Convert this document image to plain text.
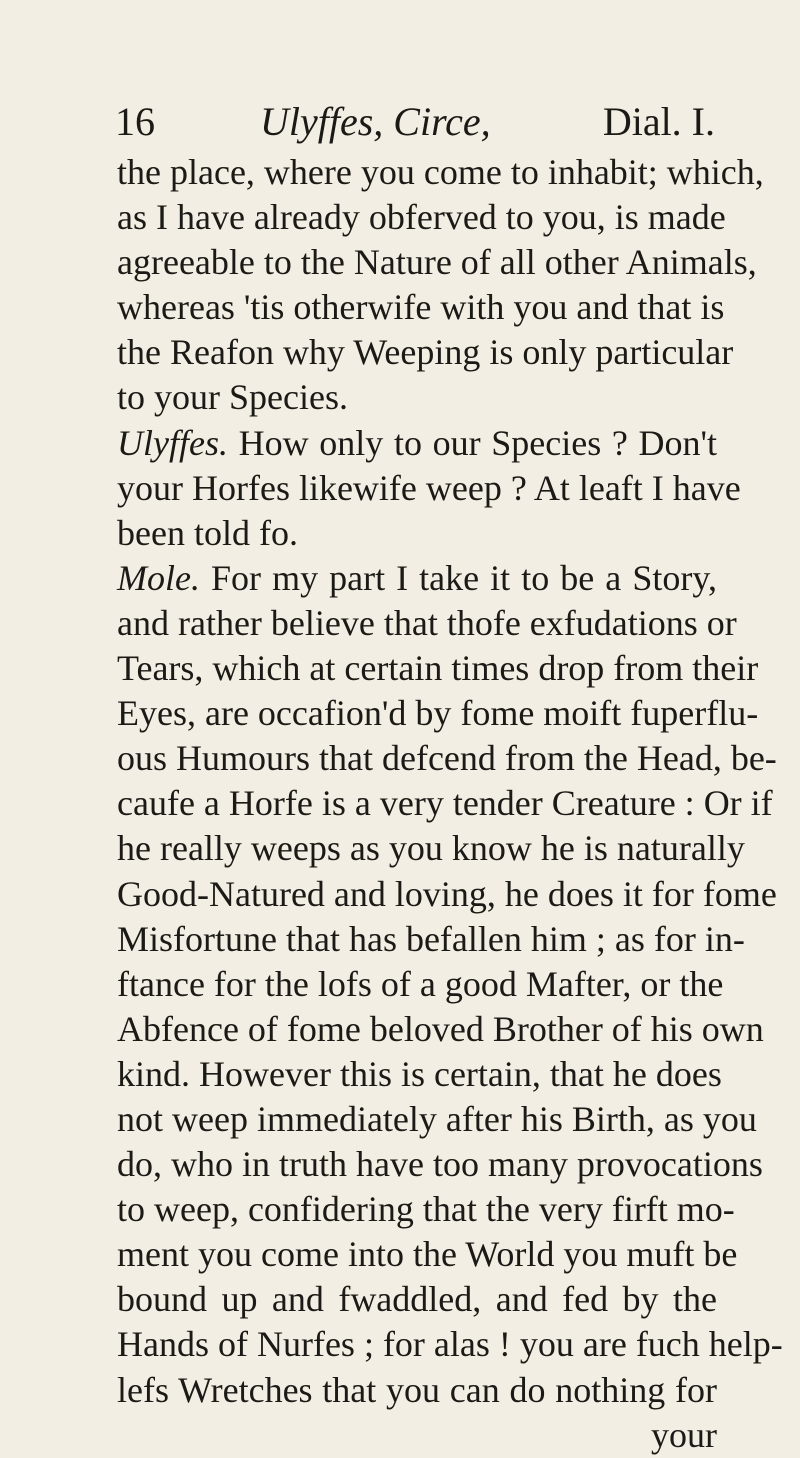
16	Ulyffes, Circe,	Dial. I.
the place, where you come to inhabit; which,
as I have already obferved to you, is made
agreeable to the Nature of all other Animals,
whereas 'tis otherwife with you and that is
the Reafon why Weeping is only particular
to your Species.
Ulyffes. How only to our Species ? Don't
your Horfes likewife weep ? At leaft I have
been told fo.
Mole. For my part I take it to be a Story,
and rather believe that thofe exfudations or
Tears, which at certain times drop from their
Eyes, are occafion'd by fome moift fuperflu-
ous Humours that defcend from the Head, be-
caufe a Horfe is a very tender Creature : Or if
he really weeps as you know he is naturally
Good-Natured and loving, he does it for fome
Misfortune that has befallen him ; as for in-
ftance for the lofs of a good Mafter, or the
Abfence of fome beloved Brother of his own
kind. However this is certain, that he does
not weep immediately after his Birth, as you
do, who in truth have too many provocations
to weep, confidering that the very firft mo-
ment you come into the World you muft be
bound up and fwaddled, and fed by the
Hands of Nurfes ; for alas ! you are fuch help-
lefs Wretches that you can do nothing for
your
